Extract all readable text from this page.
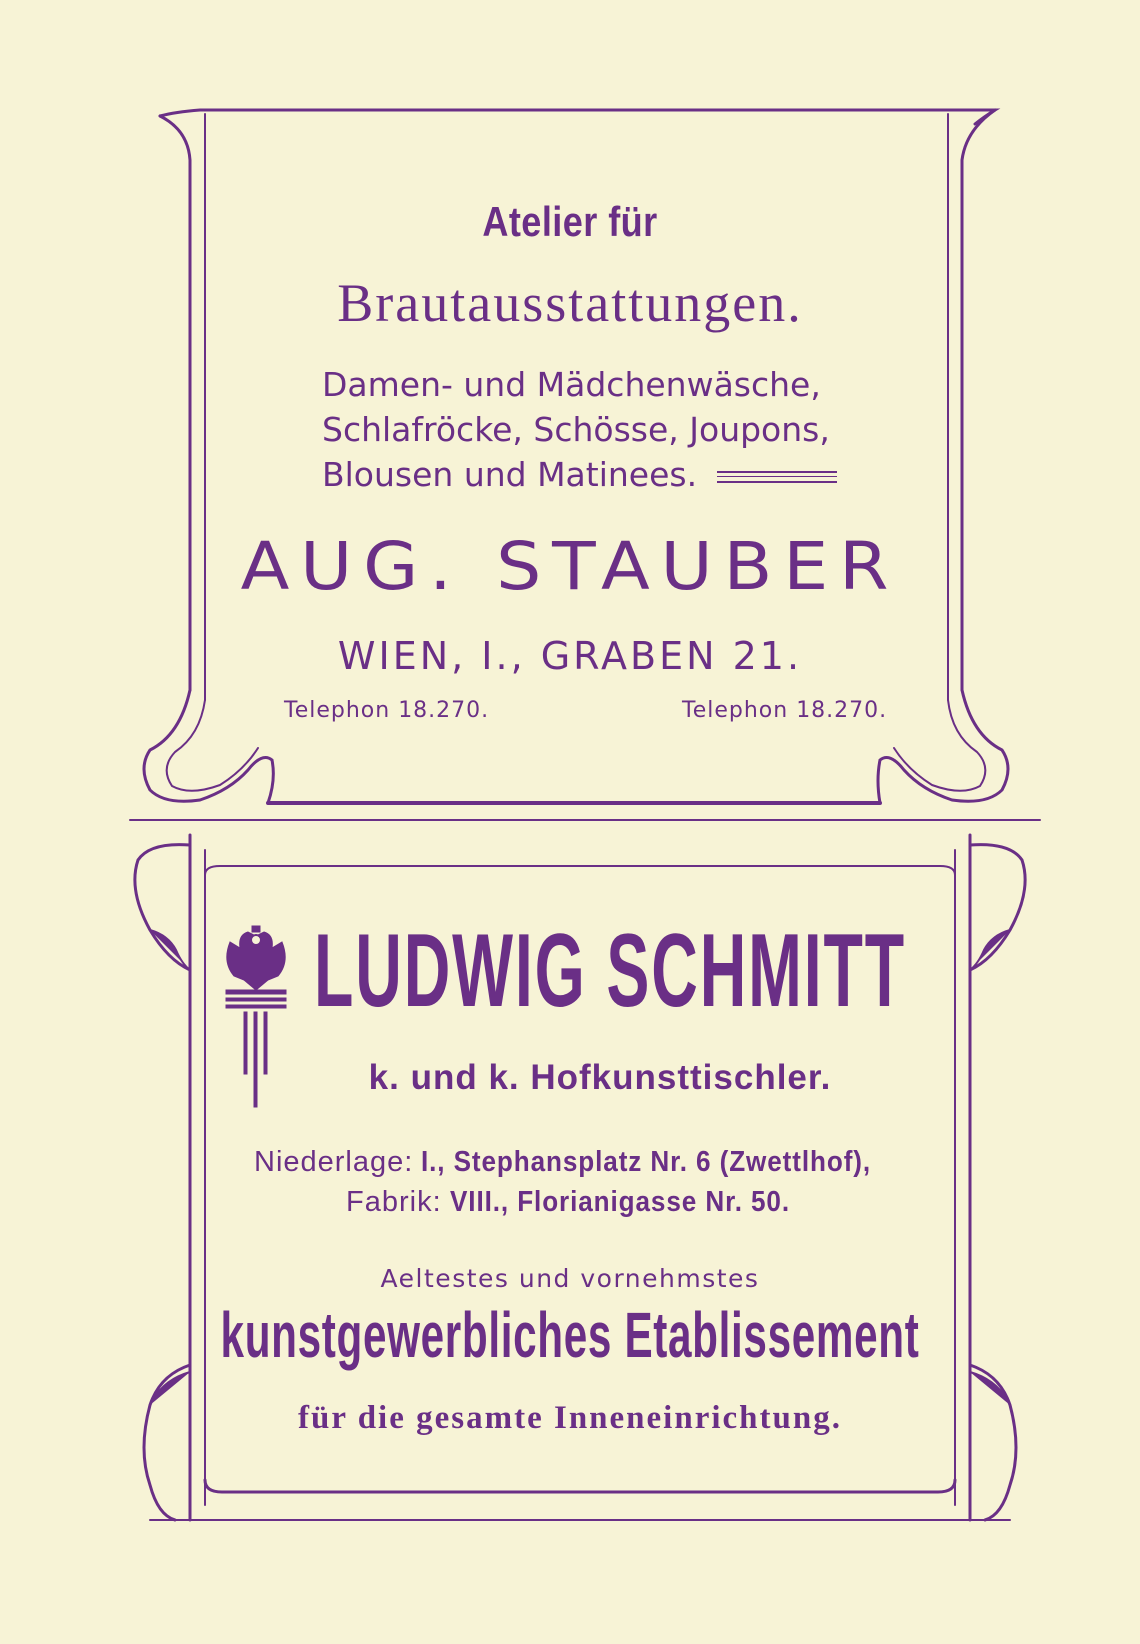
Atelier für
Brautausstattungen.
Damen- und Mädchenwäsche,
Schlafröcke, Schösse, Joupons,
Blousen und Matinees.
AUG. STAUBER
WIEN, I., GRABEN 21.
Telephon 18.270.	Telephon 18.270.
LUDWIG SCHMITT
k. und k. Hofkunsttischler.
Niederlage: I., Stephansplatz Nr. 6 (Zwettlhof),
Fabrik: VIII., Florianigasse Nr. 50.
Aeltestes und vornehmstes
kunstgewerbliches Etablissement
für die gesamte Inneneinrichtung.
